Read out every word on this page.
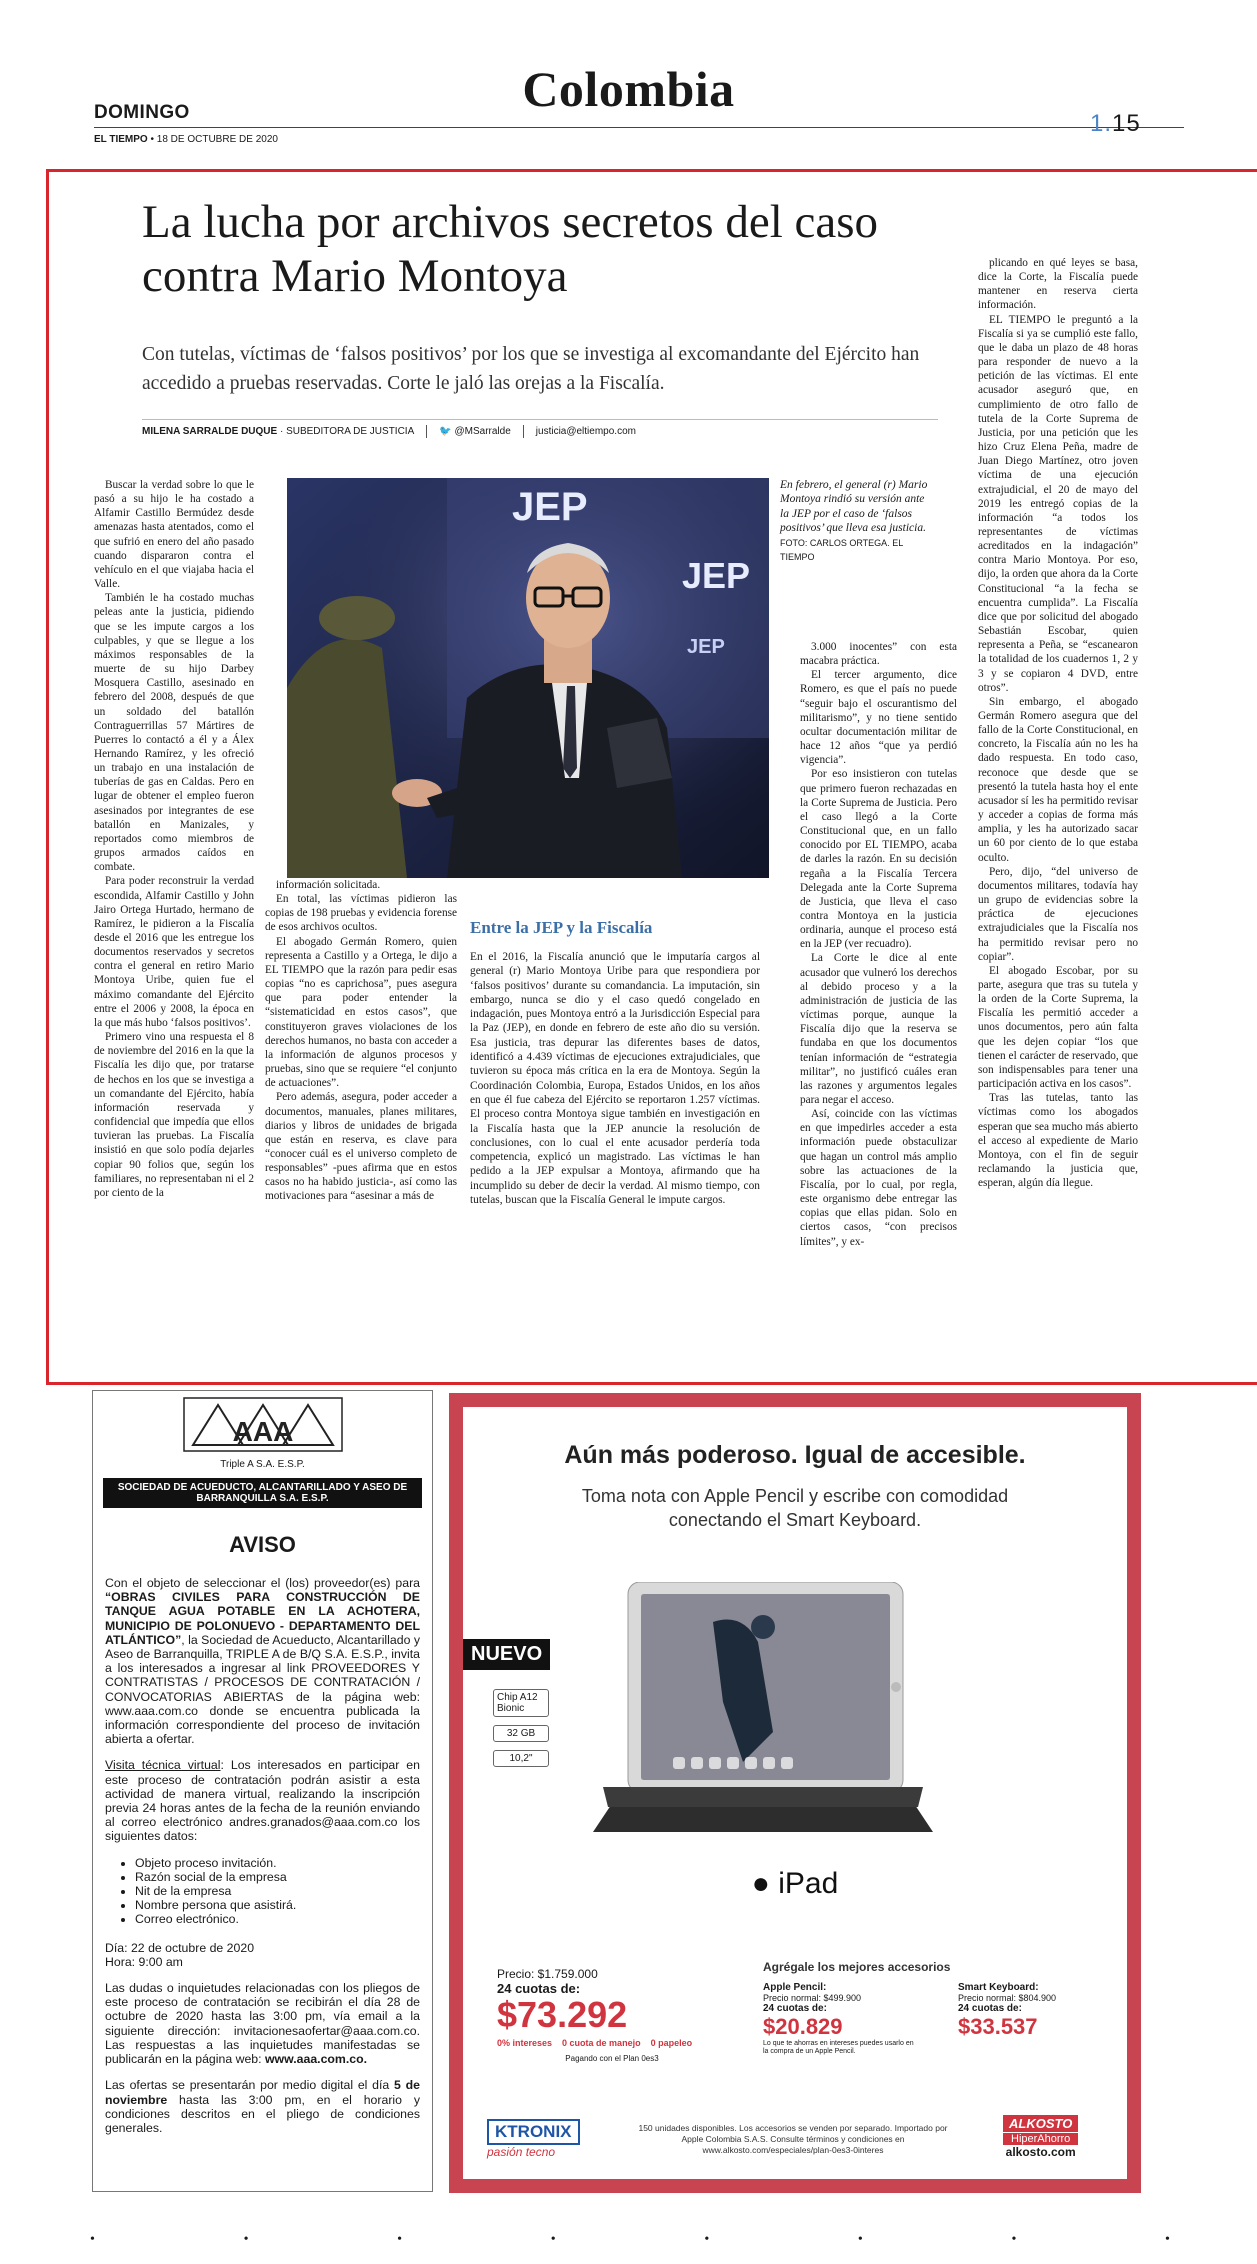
Colombia
DOMINGO
EL TIEMPO • 18 DE OCTUBRE DE 2020
1.15
La lucha por archivos secretos del caso contra Mario Montoya
Con tutelas, víctimas de ‘falsos positivos’ por los que se investiga al excomandante del Ejército han accedido a pruebas reservadas. Corte le jaló las orejas a la Fiscalía.
MILENA SARRALDE DUQUE · SUBEDITORA DE JUSTICIA	🐦 @MSarralde	justicia@eltiempo.com
JEP
JEP
JEP
En febrero, el general (r) Mario Montoya rindió su versión ante la JEP por el caso de ‘falsos positivos’ que lleva esa justicia. FOTO: CARLOS ORTEGA. EL TIEMPO

Buscar la verdad sobre lo que le pasó a su hijo le ha costado a Alfamir Castillo Bermúdez desde amenazas hasta atentados, como el que sufrió en enero del año pasado cuando dispararon contra el vehículo en el que viajaba hacia el Valle.

También le ha costado muchas peleas ante la justicia, pidiendo que se les impute cargos a los culpables, y que se llegue a los máximos responsables de la muerte de su hijo Darbey Mosquera Castillo, asesinado en febrero del 2008, después de que un soldado del batallón Contraguerrillas 57 Mártires de Puerres lo contactó a él y a Álex Hernando Ramírez, y les ofreció un trabajo en una instalación de tuberías de gas en Caldas. Pero en lugar de obtener el empleo fueron asesinados por integrantes de ese batallón en Manizales, y reportados como miembros de grupos armados caídos en combate.

Para poder reconstruir la verdad escondida, Alfamir Castillo y John Jairo Ortega Hurtado, hermano de Ramírez, le pidieron a la Fiscalía desde el 2016 que les entregue los documentos reservados y secretos contra el general en retiro Mario Montoya Uribe, quien fue el máximo comandante del Ejército entre el 2006 y 2008, la época en la que más hubo ‘falsos positivos’.

Primero vino una respuesta el 8 de noviembre del 2016 en la que la Fiscalía les dijo que, por tratarse de hechos en los que se investiga a un comandante del Ejército, había información reservada y confidencial que impedía que ellos tuvieran las pruebas. La Fiscalía insistió en que solo podía dejarles copiar 90 folios que, según los familiares, no representaban ni el 2 por ciento de la

información solicitada.

En total, las víctimas pidieron las copias de 198 pruebas y evidencia forense de esos archivos ocultos.

El abogado Germán Romero, quien representa a Castillo y a Ortega, le dijo a EL TIEMPO que la razón para pedir esas copias “no es caprichosa”, pues asegura que para poder entender la “sistematicidad en estos casos”, que constituyeron graves violaciones de los derechos humanos, no basta con acceder a la información de algunos procesos y pruebas, sino que se requiere “el conjunto de actuaciones”.

Pero además, asegura, poder acceder a documentos, manuales, planes militares, diarios y libros de unidades de brigada que están en reserva, es clave para “conocer cuál es el universo completo de responsables” -pues afirma que en estos casos no ha habido justicia-, así como las motivaciones para “asesinar a más de

3.000 inocentes” con esta macabra práctica.

El tercer argumento, dice Romero, es que el país no puede “seguir bajo el oscurantismo del militarismo”, y no tiene sentido ocultar documentación militar de hace 12 años “que ya perdió vigencia”.

Por eso insistieron con tutelas que primero fueron rechazadas en la Corte Suprema de Justicia. Pero el caso llegó a la Corte Constitucional que, en un fallo conocido por EL TIEMPO, acaba de darles la razón. En su decisión regaña a la Fiscalía Tercera Delegada ante la Corte Suprema de Justicia, que lleva el caso contra Montoya en la justicia ordinaria, aunque el proceso está en la JEP (ver recuadro).

La Corte le dice al ente acusador que vulneró los derechos al debido proceso y a la administración de justicia de las víctimas porque, aunque la Fiscalía dijo que la reserva se fundaba en que los documentos tenían información de “estrategia militar”, no justificó cuáles eran las razones y argumentos legales para negar el acceso.

Así, coincide con las víctimas en que impedirles acceder a esta información puede obstaculizar que hagan un control más amplio sobre las actuaciones de la Fiscalía, por lo cual, por regla, este organismo debe entregar las copias que ellas pidan. Solo en ciertos casos, “con precisos límites”, y ex-

plicando en qué leyes se basa, dice la Corte, la Fiscalía puede mantener en reserva cierta información.

EL TIEMPO le preguntó a la Fiscalía si ya se cumplió este fallo, que le daba un plazo de 48 horas para responder de nuevo a la petición de las víctimas. El ente acusador aseguró que, en cumplimiento de otro fallo de tutela de la Corte Suprema de Justicia, por una petición que les hizo Cruz Elena Peña, madre de Juan Diego Martínez, otro joven víctima de una ejecución extrajudicial, el 20 de mayo del 2019 les entregó copias de la información “a todos los representantes de víctimas acreditados en la indagación” contra Mario Montoya. Por eso, dijo, la orden que ahora da la Corte Constitucional “a la fecha se encuentra cumplida”. La Fiscalía dice que por solicitud del abogado Sebastián Escobar, quien representa a Peña, se “escanearon la totalidad de los cuadernos 1, 2 y 3 y se copiaron 4 DVD, entre otros”.

Sin embargo, el abogado Germán Romero asegura que del fallo de la Corte Constitucional, en concreto, la Fiscalía aún no les ha dado respuesta. En todo caso, reconoce que desde que se presentó la tutela hasta hoy el ente acusador sí les ha permitido revisar y acceder a copias de forma más amplia, y les ha autorizado sacar un 60 por ciento de lo que estaba oculto.

Pero, dijo, “del universo de documentos militares, todavía hay un grupo de evidencias sobre la práctica de ejecuciones extrajudiciales que la Fiscalía nos ha permitido revisar pero no copiar”.

El abogado Escobar, por su parte, asegura que tras su tutela y la orden de la Corte Suprema, la Fiscalía les permitió acceder a unos documentos, pero aún falta que les dejen copiar “los que tienen el carácter de reservado, que son indispensables para tener una participación activa en los casos”.

Tras las tutelas, tanto las víctimas como los abogados esperan que sea mucho más abierto el acceso al expediente de Mario Montoya, con el fin de seguir reclamando la justicia que, esperan, algún día llegue.

Entre la JEP y la Fiscalía

En el 2016, la Fiscalía anunció que le imputaría cargos al general (r) Mario Montoya Uribe para que respondiera por ‘falsos positivos’ durante su comandancia. La imputación, sin embargo, nunca se dio y el caso quedó congelado en indagación, pues Montoya entró a la Jurisdicción Especial para la Paz (JEP), en donde en febrero de este año dio su versión. Esa justicia, tras depurar las diferentes bases de datos, identificó a 4.439 víctimas de ejecuciones extrajudiciales, que tuvieron su época más crítica en la era de Montoya. Según la Coordinación Colombia, Europa, Estados Unidos, en los años en que él fue cabeza del Ejército se reportaron 1.257 víctimas. El proceso contra Montoya sigue también en investigación en la Fiscalía hasta que la JEP anuncie la resolución de conclusiones, con lo cual el ente acusador perdería toda competencia, explicó un magistrado. Las víctimas le han pedido a la JEP expulsar a Montoya, afirmando que ha incumplido su deber de decir la verdad. Al mismo tiempo, con tutelas, buscan que la Fiscalía General le impute cargos.

AAA
Triple A S.A. E.S.P.
SOCIEDAD DE ACUEDUCTO, ALCANTARILLADO Y ASEO DE BARRANQUILLA S.A. E.S.P.
AVISO

Con el objeto de seleccionar el (los) proveedor(es) para “OBRAS CIVILES PARA CONSTRUCCIÓN DE TANQUE AGUA POTABLE EN LA ACHOTERA, MUNICIPIO DE POLONUEVO - DEPARTAMENTO DEL ATLÁNTICO”, la Sociedad de Acueducto, Alcantarillado y Aseo de Barranquilla, TRIPLE A de B/Q S.A. E.S.P., invita a los interesados a ingresar al link PROVEEDORES Y CONTRATISTAS / PROCESOS DE CONTRATACIÓN / CONVOCATORIAS ABIERTAS de la página web: www.aaa.com.co donde se encuentra publicada la información correspondiente del proceso de invitación abierta a ofertar.

Visita técnica virtual: Los interesados en participar en este proceso de contratación podrán asistir a esta actividad de manera virtual, realizando la inscripción previa 24 horas antes de la fecha de la reunión enviando al correo electrónico andres.granados@aaa.com.co los siguientes datos:

• Objeto proceso invitación.
• Razón social de la empresa
• Nit de la empresa
• Nombre persona que asistirá.
• Correo electrónico.

Día: 22 de octubre de 2020

Hora: 9:00 am

Las dudas o inquietudes relacionadas con los pliegos de este proceso de contratación se recibirán el día 28 de octubre de 2020 hasta las 3:00 pm, vía email a la siguiente dirección: invitacionesaofertar@aaa.com.co. Las respuestas a las inquietudes manifestadas se publicarán en la página web: www.aaa.com.co.

Las ofertas se presentarán por medio digital el día 5 de noviembre hasta las 3:00 pm, en el horario y condiciones descritos en el pliego de condiciones generales.

Aún más poderoso. Igual de accesible.
Toma nota con Apple Pencil y escribe con comodidad conectando el Smart Keyboard.
NUEVO
Chip A12 Bionic
32 GB
10,2"
● iPad
Precio: $1.759.000
24 cuotas de:
$73.292
0% intereses 0 cuota de manejo 0 papeleo
Pagando con el Plan 0es3
Agrégale los mejores accesorios
Apple Pencil:
Precio normal: $499.900
24 cuotas de:
$20.829
Lo que te ahorras en intereses puedes usarlo en la compra de un Apple Pencil.
Smart Keyboard:
Precio normal: $804.900
24 cuotas de:
$33.537
KTRONIX
pasión tecno
150 unidades disponibles. Los accesorios se venden por separado. Importado por Apple Colombia S.A.S. Consulte términos y condiciones en www.alkosto.com/especiales/plan-0es3-0interes
ALKOSTO
HiperAhorro
alkosto.com
•	•	•	•	•	•	•	•
